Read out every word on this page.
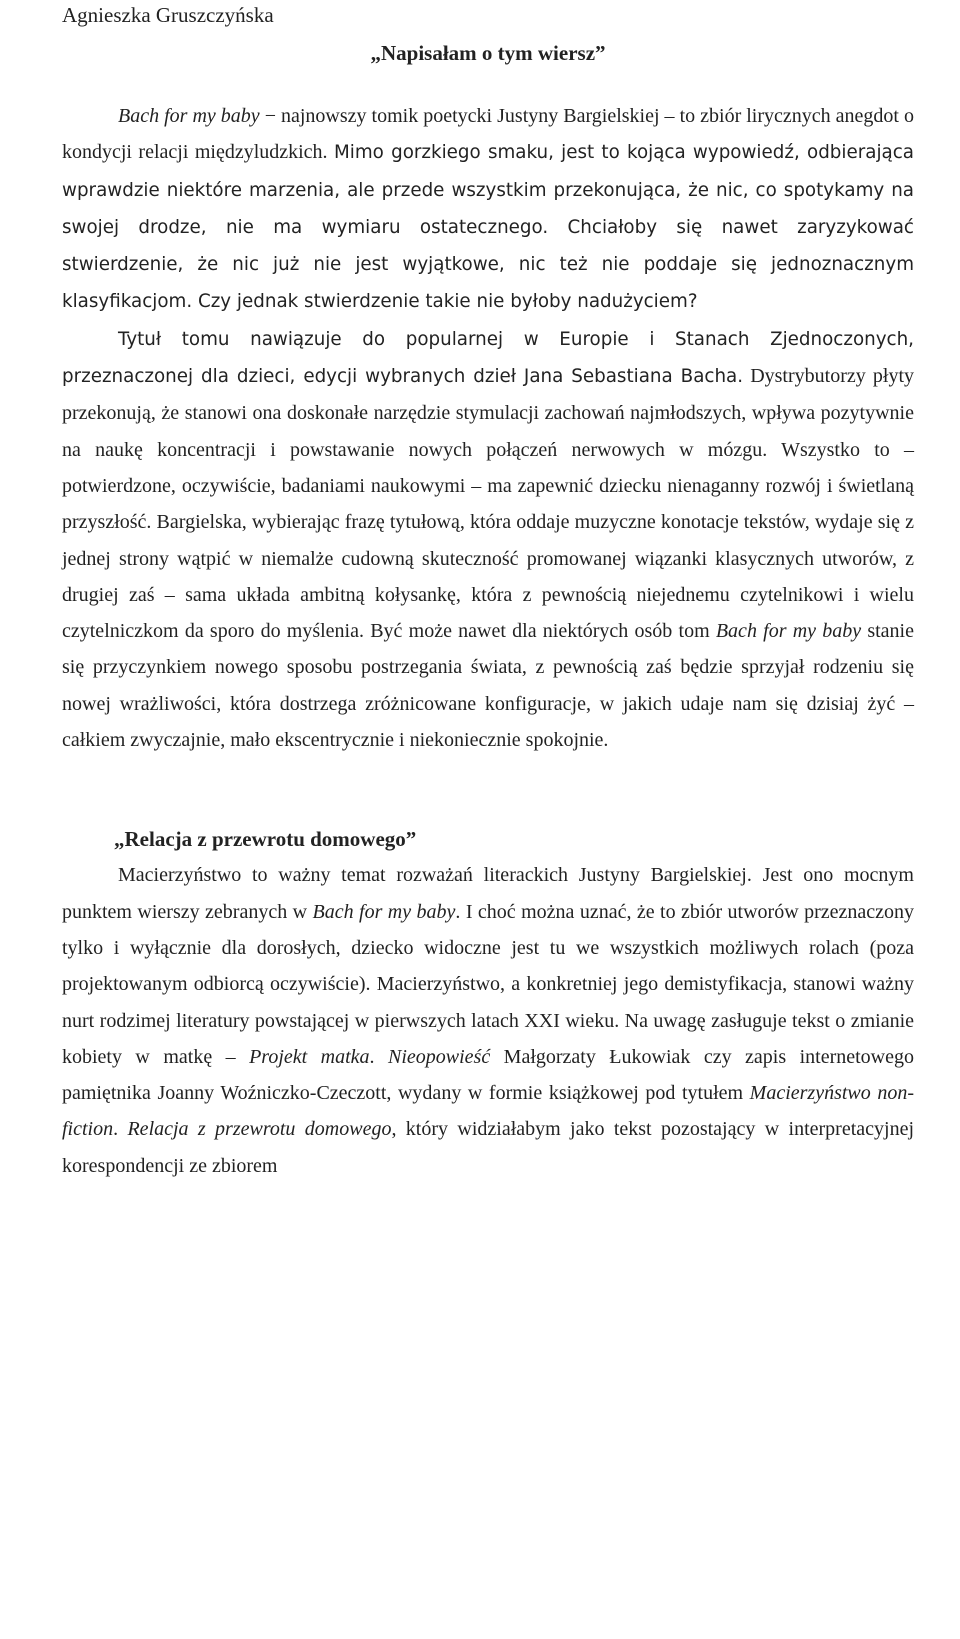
Agnieszka Gruszczyńska
„Napisałam o tym wiersz”

Bach for my baby − najnowszy tomik poetycki Justyny Bargielskiej – to zbiór lirycznych anegdot o kondycji relacji międzyludzkich. Mimo gorzkiego smaku, jest to kojąca wypowiedź, odbierająca wprawdzie niektóre marzenia, ale przede wszystkim przekonująca, że nic, co spotykamy na swojej drodze, nie ma wymiaru ostatecznego. Chciałoby się nawet zaryzykować stwierdzenie, że nic już nie jest wyjątkowe, nic też nie poddaje się jednoznacznym klasyfikacjom. Czy jednak stwierdzenie takie nie byłoby nadużyciem?

Tytuł tomu nawiązuje do popularnej w Europie i Stanach Zjednoczonych, przeznaczonej dla dzieci, edycji wybranych dzieł Jana Sebastiana Bacha. Dystrybutorzy płyty przekonują, że stanowi ona doskonałe narzędzie stymulacji zachowań najmłodszych, wpływa pozytywnie na naukę koncentracji i powstawanie nowych połączeń nerwowych w mózgu. Wszystko to – potwierdzone, oczywiście, badaniami naukowymi – ma zapewnić dziecku nienaganny rozwój i świetlaną przyszłość. Bargielska, wybierając frazę tytułową, która oddaje muzyczne konotacje tekstów, wydaje się z jednej strony wątpić w niemalże cudowną skuteczność promowanej wiązanki klasycznych utworów, z drugiej zaś – sama układa ambitną kołysankę, która z pewnością niejednemu czytelnikowi i wielu czytelniczkom da sporo do myślenia. Być może nawet dla niektórych osób tom Bach for my baby stanie się przyczynkiem nowego sposobu postrzegania świata, z pewnością zaś będzie sprzyjał rodzeniu się nowej wrażliwości, która dostrzega zróżnicowane konfiguracje, w jakich udaje nam się dzisiaj żyć – całkiem zwyczajnie, mało ekscentrycznie i niekoniecznie spokojnie.

„Relacja z przewrotu domowego”

Macierzyństwo to ważny temat rozważań literackich Justyny Bargielskiej. Jest ono mocnym punktem wierszy zebranych w Bach for my baby. I choć można uznać, że to zbiór utworów przeznaczony tylko i wyłącznie dla dorosłych, dziecko widoczne jest tu we wszystkich możliwych rolach (poza projektowanym odbiorcą oczywiście). Macierzyństwo, a konkretniej jego demistyfikacja, stanowi ważny nurt rodzimej literatury powstającej w pierwszych latach XXI wieku. Na uwagę zasługuje tekst o zmianie kobiety w matkę – Projekt matka. Nieopowieść Małgorzaty Łukowiak czy zapis internetowego pamiętnika Joanny Woźniczko-Czeczott, wydany w formie książkowej pod tytułem Macierzyństwo non-fiction. Relacja z przewrotu domowego, który widziałabym jako tekst pozostający w interpretacyjnej korespondencji ze zbiorem
